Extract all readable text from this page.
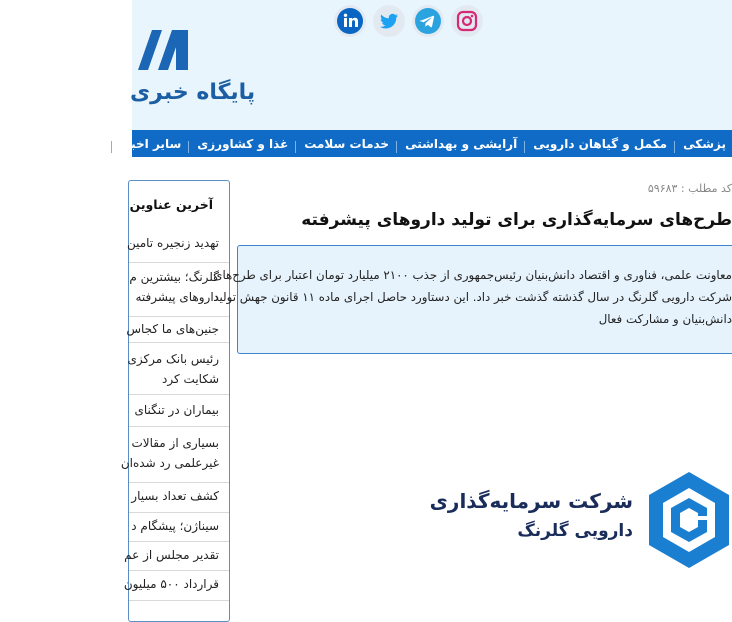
پایگاه خبری
پزشکی
مکمل و گیاهان دارویی
آرایشی و بهداشتی
خدمات سلامت
غذا و کشاورزی
سایر اخبار
عناوین کل اخبار
آخرین عناوین
تهدید زنجیره تامین
گلرنگ؛ بیشترین م
داروهای پیشرفته
جنین‌های ما کجاس
رئیس بانک مرکزی
شکایت کرد
بیماران در تنگنای
بسیاری از مقالات
غیرعلمی رد شده‌ان
کشف تعداد بسیار
سیناژن؛ پیشگام د
تقدیر مجلس از عم
قرارداد ۵۰۰ میلیون
کد مطلب : ۵۹۶۸۳
طرح‌های سرمایه‌گذاری برای تولید داروهای پیشرفته

معاونت علمی، فناوری و اقتصاد دانش‌بنیان رئیس‌جمهوری از جذب ۲۱۰۰ میلیارد تومان اعتبار برای طرح‌های شرکت دارویی گلرنگ در سال گذشته گذشت خبر داد. این دستاورد حاصل اجرای ماده ۱۱ قانون جهش تولید دانش‌بنیان و مشارکت فعال

شرکت سرمایه‌گذاری
دارویی گلرنگ
